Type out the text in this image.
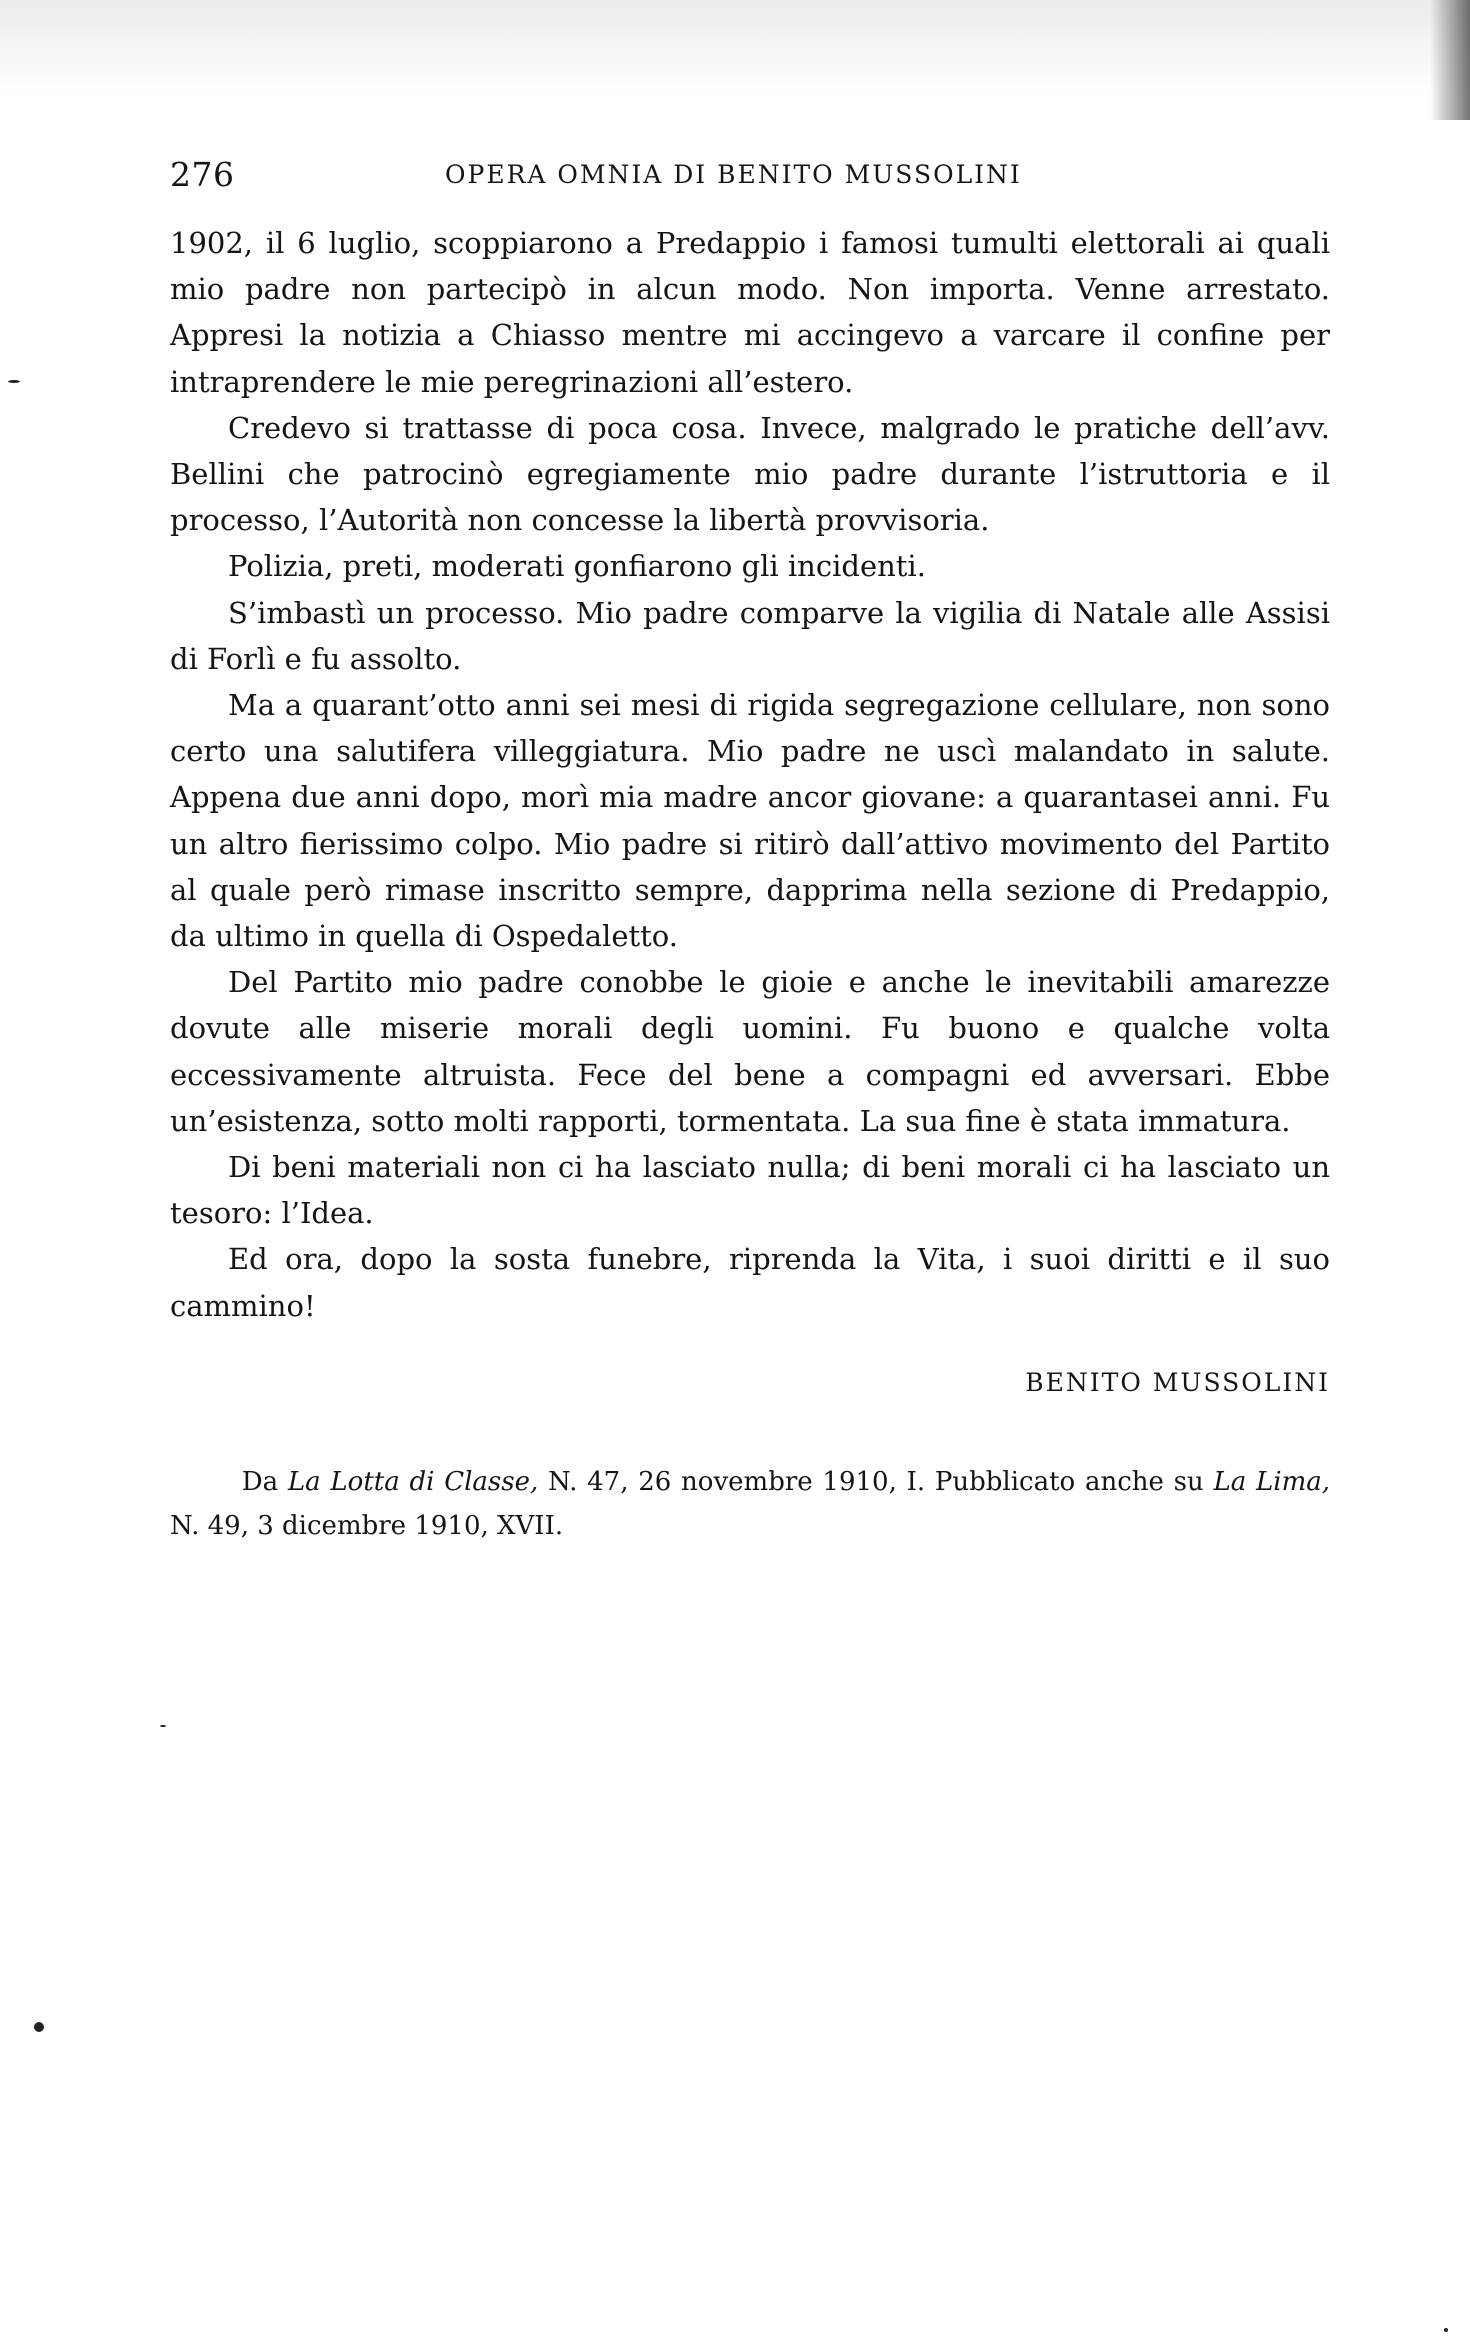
276	OPERA OMNIA DI BENITO MUSSOLINI

1902, il 6 luglio, scoppiarono a Predappio i famosi tumulti elettorali ai quali mio padre non partecipò in alcun modo. Non importa. Venne arrestato. Appresi la notizia a Chiasso mentre mi accingevo a varcare il confine per intraprendere le mie peregrinazioni all’estero.

Credevo si trattasse di poca cosa. Invece, malgrado le pratiche dell’avv. Bellini che patrocinò egregiamente mio padre durante l’istruttoria e il processo, l’Autorità non concesse la libertà provvisoria.

Polizia, preti, moderati gonfiarono gli incidenti.

S’imbastì un processo. Mio padre comparve la vigilia di Natale alle Assisi di Forlì e fu assolto.

Ma a quarant’otto anni sei mesi di rigida segregazione cellulare, non sono certo una salutifera villeggiatura. Mio padre ne uscì malandato in salute. Appena due anni dopo, morì mia madre ancor giovane: a quarantasei anni. Fu un altro fierissimo colpo. Mio padre si ritirò dall’attivo movimento del Partito al quale però rimase inscritto sempre, dapprima nella sezione di Predappio, da ultimo in quella di Ospedaletto.

Del Partito mio padre conobbe le gioie e anche le inevitabili amarezze dovute alle miserie morali degli uomini. Fu buono e qualche volta eccessivamente altruista. Fece del bene a compagni ed avversari. Ebbe un’esistenza, sotto molti rapporti, tormentata. La sua fine è stata immatura.

Di beni materiali non ci ha lasciato nulla; di beni morali ci ha lasciato un tesoro: l’Idea.

Ed ora, dopo la sosta funebre, riprenda la Vita, i suoi diritti e il suo cammino!

BENITO MUSSOLINI
Da La Lotta di Classe, N. 47, 26 novembre 1910, I. Pubblicato anche su La Lima, N. 49, 3 dicembre 1910, XVII.
